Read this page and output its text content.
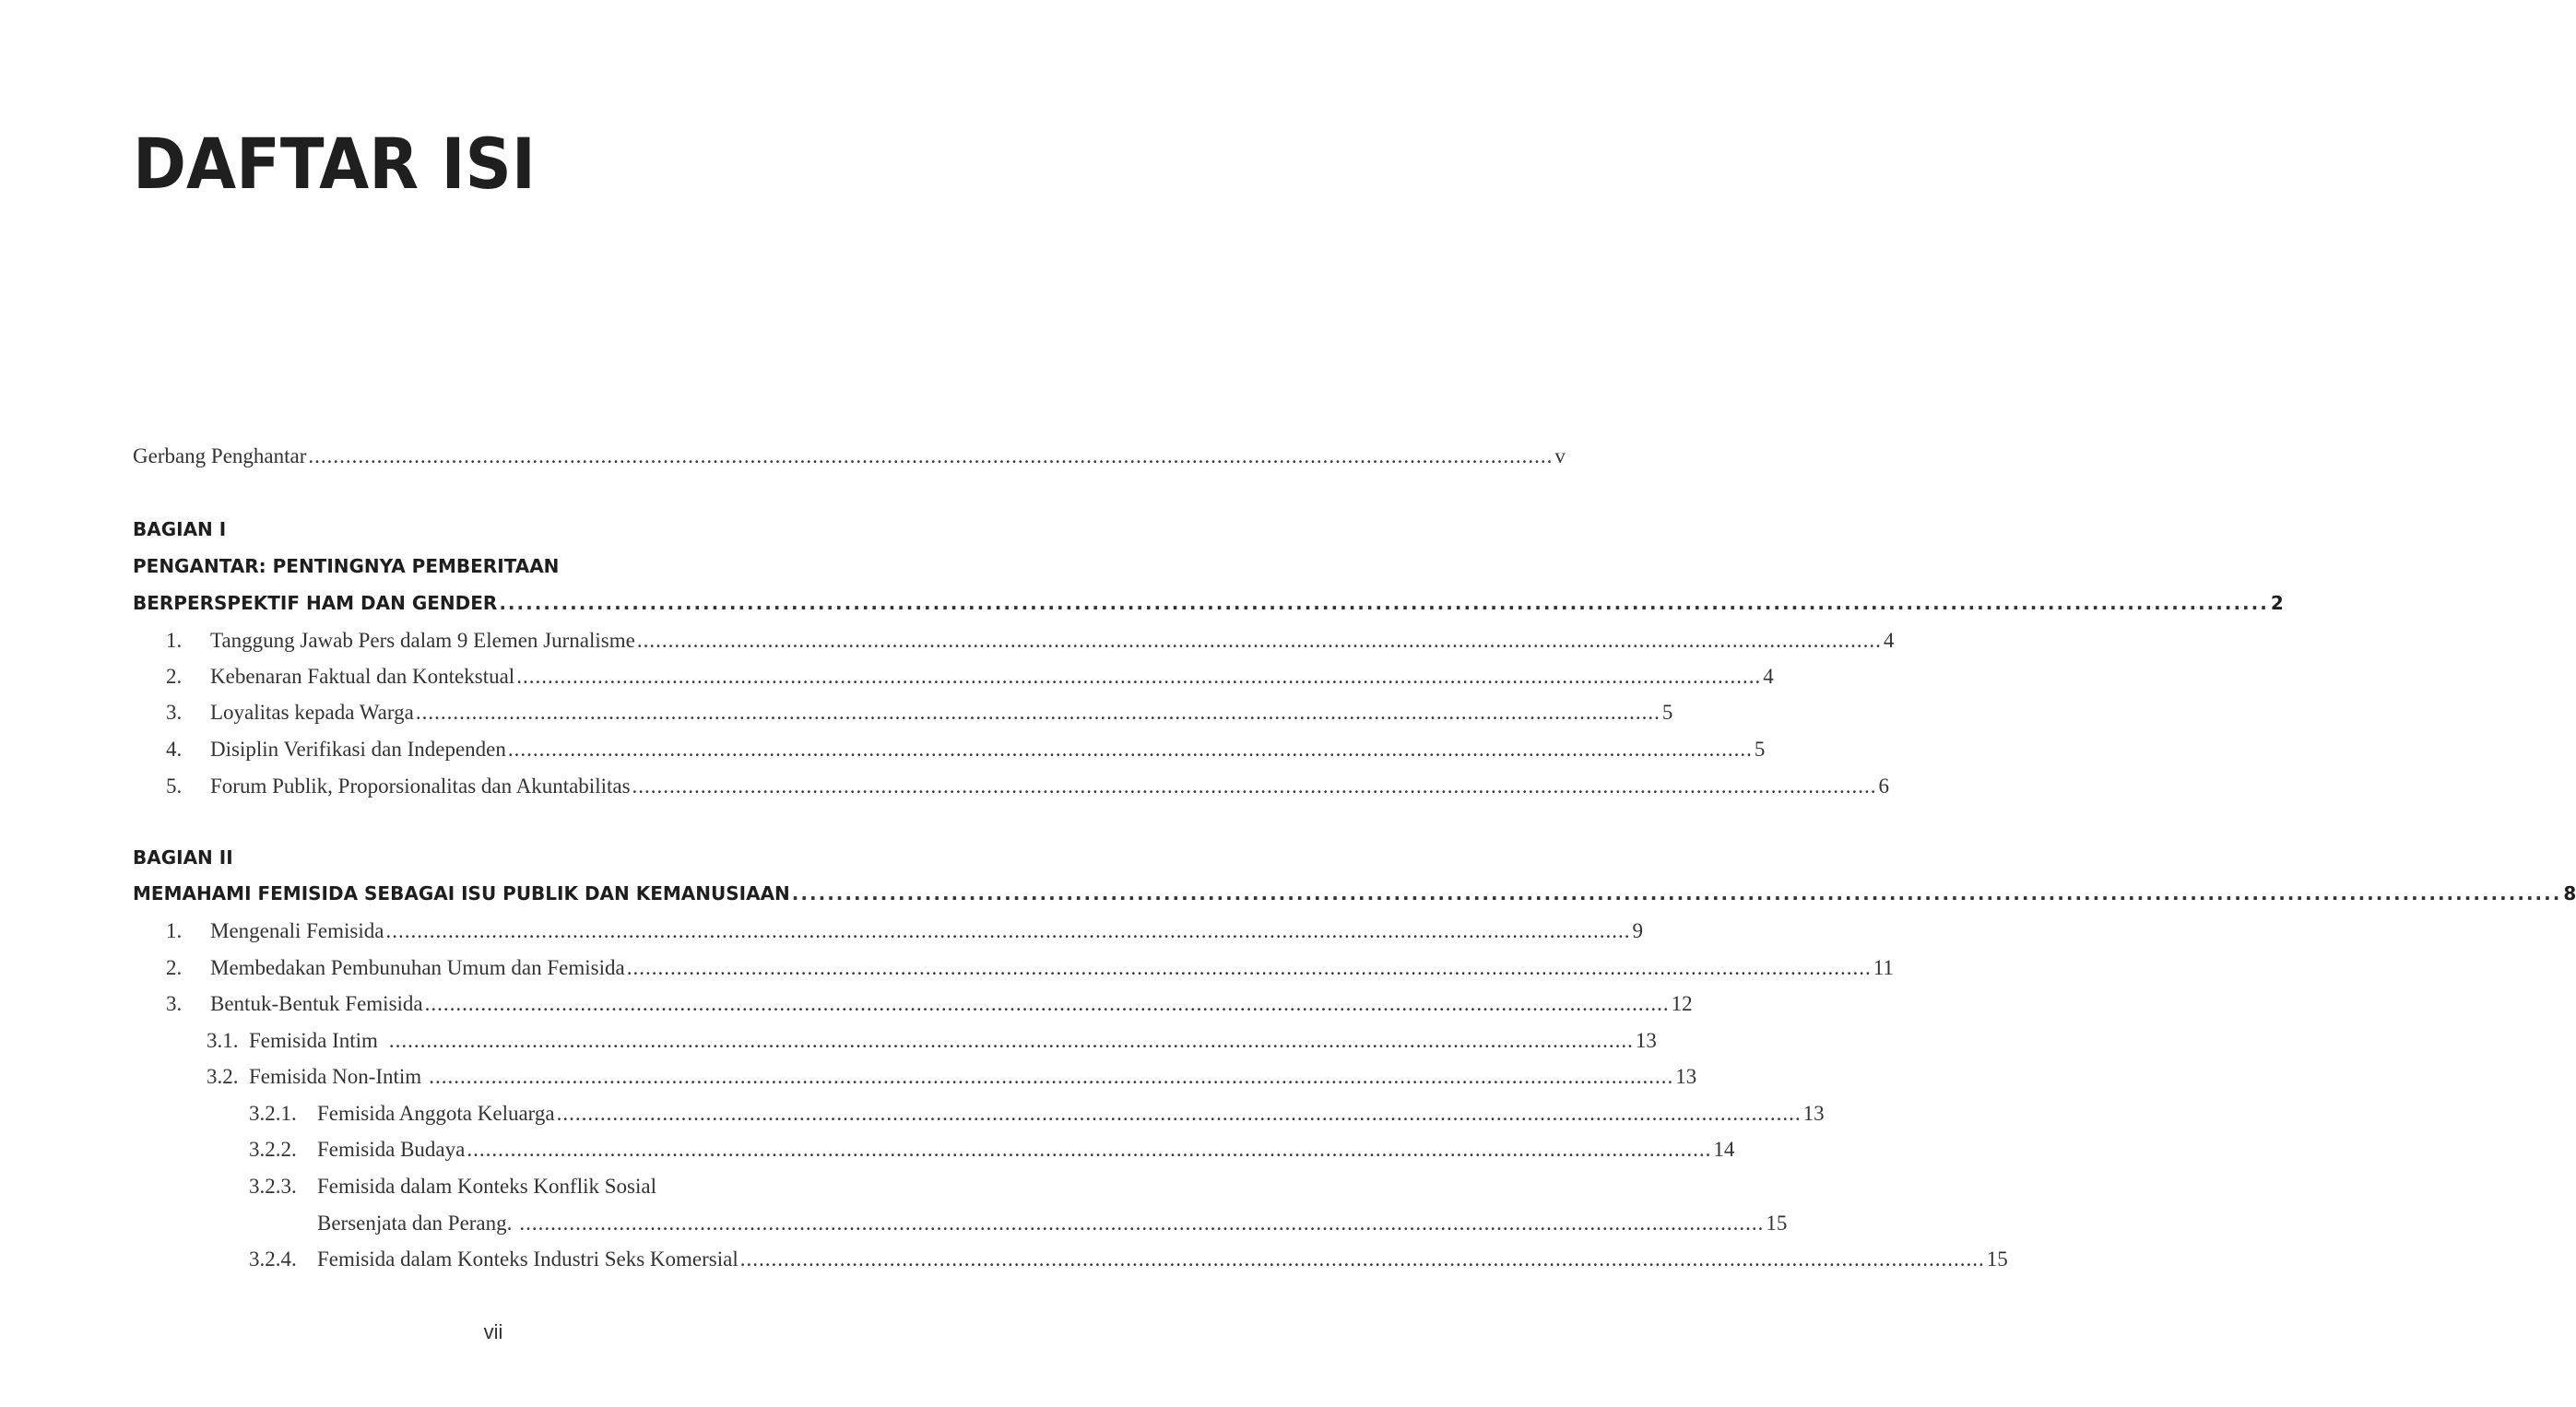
DAFTAR ISI
Gerbang Penghantar ........................................................................................................................................................................................................ v
BAGIAN I
PENGANTAR: PENTINGNYA PEMBERITAAN
BERPERSPEKTIF HAM DAN GENDER ........................................................................................................................................................................................................ 2
1.	Tanggung Jawab Pers dalam 9 Elemen Jurnalisme ........................................................................................................................................................................................................ 4
2.	Kebenaran Faktual dan Kontekstual ........................................................................................................................................................................................................ 4
3.	Loyalitas kepada Warga ........................................................................................................................................................................................................ 5
4.	Disiplin Verifikasi dan Independen ........................................................................................................................................................................................................ 5
5.	Forum Publik, Proporsionalitas dan Akuntabilitas ........................................................................................................................................................................................................ 6
BAGIAN II
MEMAHAMI FEMISIDA SEBAGAI ISU PUBLIK DAN KEMANUSIAAN ........................................................................................................................................................................................................ 8
1.	Mengenali Femisida ........................................................................................................................................................................................................ 9
2.	Membedakan Pembunuhan Umum dan Femisida ........................................................................................................................................................................................................ 11
3.	Bentuk-Bentuk Femisida ........................................................................................................................................................................................................ 12
3.1. Femisida Intim ........................................................................................................................................................................................................ 13
3.2. Femisida Non-Intim ........................................................................................................................................................................................................ 13
3.2.1. Femisida Anggota Keluarga ........................................................................................................................................................................................................ 13
3.2.2. Femisida Budaya ........................................................................................................................................................................................................ 14
3.2.3. Femisida dalam Konteks Konflik Sosial
Bersenjata dan Perang. ........................................................................................................................................................................................................ 15
3.2.4. Femisida dalam Konteks Industri Seks Komersial ........................................................................................................................................................................................................ 15
vii
